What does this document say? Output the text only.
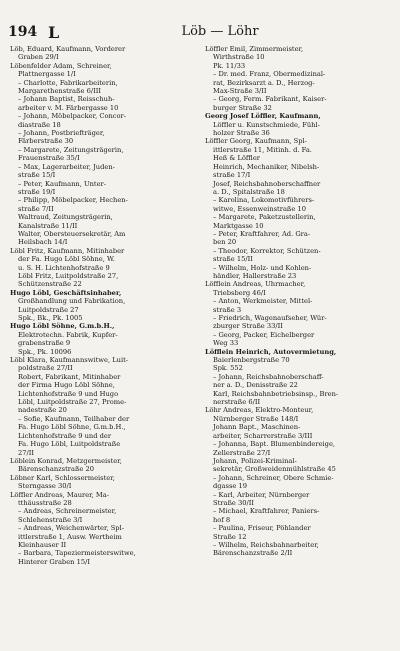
194 L	Löb — Löhr
Löb, Eduard, Kaufmann, Vorderer
Graben 29/I
Löbenfelder Adam, Schreiner,
Plattnergasse 1/I
– Charlotte, Fabrikarbeiterin,
Margarethenstraße 6/III
– Johann Baptist, Reisschuh-
arbeiter v. M. Färbergasse 10
– Johann, Möbelpacker, Concor-
diastraße 18
– Johann, Postbriefträger,
Färberstraße 30
– Margarete, Zeitungsträgerin,
Frauenstraße 35/I
– Max, Lagerarbeiter, Juden-
straße 15/I
– Peter, Kaufmann, Unter-
straße 19/I
– Philipp, Möbelpacker, Hechen-
straße 7/II
Waltraud, Zeitungsträgerin,
Kanalstraße 11/II
Walter, Obersteuersekretär, Am
Heilsbach 14/I
Löbl Fritz, Kaufmann, Mitinhaber
der Fa. Hugo Löbl Söhne, W.
u. S. H. Lichtenhofstraße 9
Löbl Fritz, Luitpoldstraße 27,
Schützenstraße 22
Hugo Löbl, Geschäftsinhaber,
Großhandlung und Fabrikation,
Luitpoldstraße 27
Spk., Bk., Pk. 1005
Hugo Löbl Söhne, G.m.b.H.,
Elektrotechn. Fabrik, Kupfer-
grabenstraße 9
Spk., Pk. 10096
Löbl Klara, Kaufmannswitwe, Luit-
poldstraße 27/II
Robert, Fabrikant, Mitinhaber
der Firma Hugo Löbl Söhne,
Lichtenhofstraße 9 und Hugo
Löbl, Luitpoldstraße 27, Prome-
nadestraße 20
– Sofie, Kaufmann, Teilhaber der
Fa. Hugo Löbl Söhne, G.m.b.H.,
Lichtenhofstraße 9 und der
Fa. Hugo Löbl, Luitpoldstraße
27/II
Löblein Konrad, Metzgermeister,
Bärenschanzstraße 20
Löbner Karl, Schlossermeister,
Sterngasse 30/I
Löffler Andreas, Maurer, Ma-
tthäusstraße 28
– Andreas, Schreinermeister,
Schlehenstraße 3/I
– Andreas, Weichenwärter, Spl-
ittlerstraße 1, Ausw. Wertheim
Kleinhauser II
– Barbara, Tapeziermeisterswitwe,
Hinterer Graben 15/I
Löffler Emil, Zimmermeister,
Wirthstraße 10
Pk. 11/33
– Dr. med. Franz, Obermedizinal-
rat, Bezirksarzt a. D., Herzog-
Max-Straße 3/II
– Georg, Ferm. Fabrikant, Kaiser-
burger Straße 32
Georg Josef Löffler, Kaufmann,
Löffler u. Kunstschmiede, Fühl-
holzer Straße 36
Löffler Georg, Kaufmann, Spl-
ittlerstraße 11, Mitinh. d. Fa.
Heß & Löffler
Heinrich, Mechaniker, Nibelsh-
straße 17/I
Josef, Reichsbahnoberschaffner
a. D., Spitalstraße 18
– Karolina, Lokomotivführers-
witwe, Essenweinstraße 10
– Margarete, Paketzustellerin,
Marktgasse 10
– Peter, Kraftfahrer, Ad. Gra-
ben 20
– Theodor, Korrektor, Schützen-
straße 15/II
– Wilhelm, Holz- und Kohlen-
händler, Hallerstraße 23
Löfflein Andreas, Uhrmacher,
Triebsberg 46/I
– Anton, Werkmeister, Mittel-
straße 3
– Friedrich, Wagenaufseher, Wür-
zburger Straße 33/II
– Georg, Packer, Eichelberger
Weg 33
Löfflein Heinrich, Autovermietung,
Baierlenbergstraße 70
Spk. 552
– Johann, Reichsbahnoberschaff-
ner a. D., Denisstraße 22
Karl, Reichsbahnbetriebsinsp., Bren-
nerstraße 6/II
Löhr Andreas, Elektro-Monteur,
Nürnberger Straße 148/I
Johann Bapt., Maschinen-
arbeiter, Scharrerstraße 3/III
– Johanna, Bapt. Blumenbindereige,
Zellerstraße 27/I
Johann, Polizei-Kriminal-
sekretär, Großweidenmühlstraße 45
– Johann, Schreiner, Obere Schmie-
dgasse 19
– Karl, Arbeiter, Nürnberger
Straße 30/II
– Michael, Kraftfahrer, Paniers-
hof 8
– Paulina, Friseur, Pöhlander
Straße 12
– Wilhelm, Reichsbahnarbeiter,
Bärenschanzstraße 2/II
